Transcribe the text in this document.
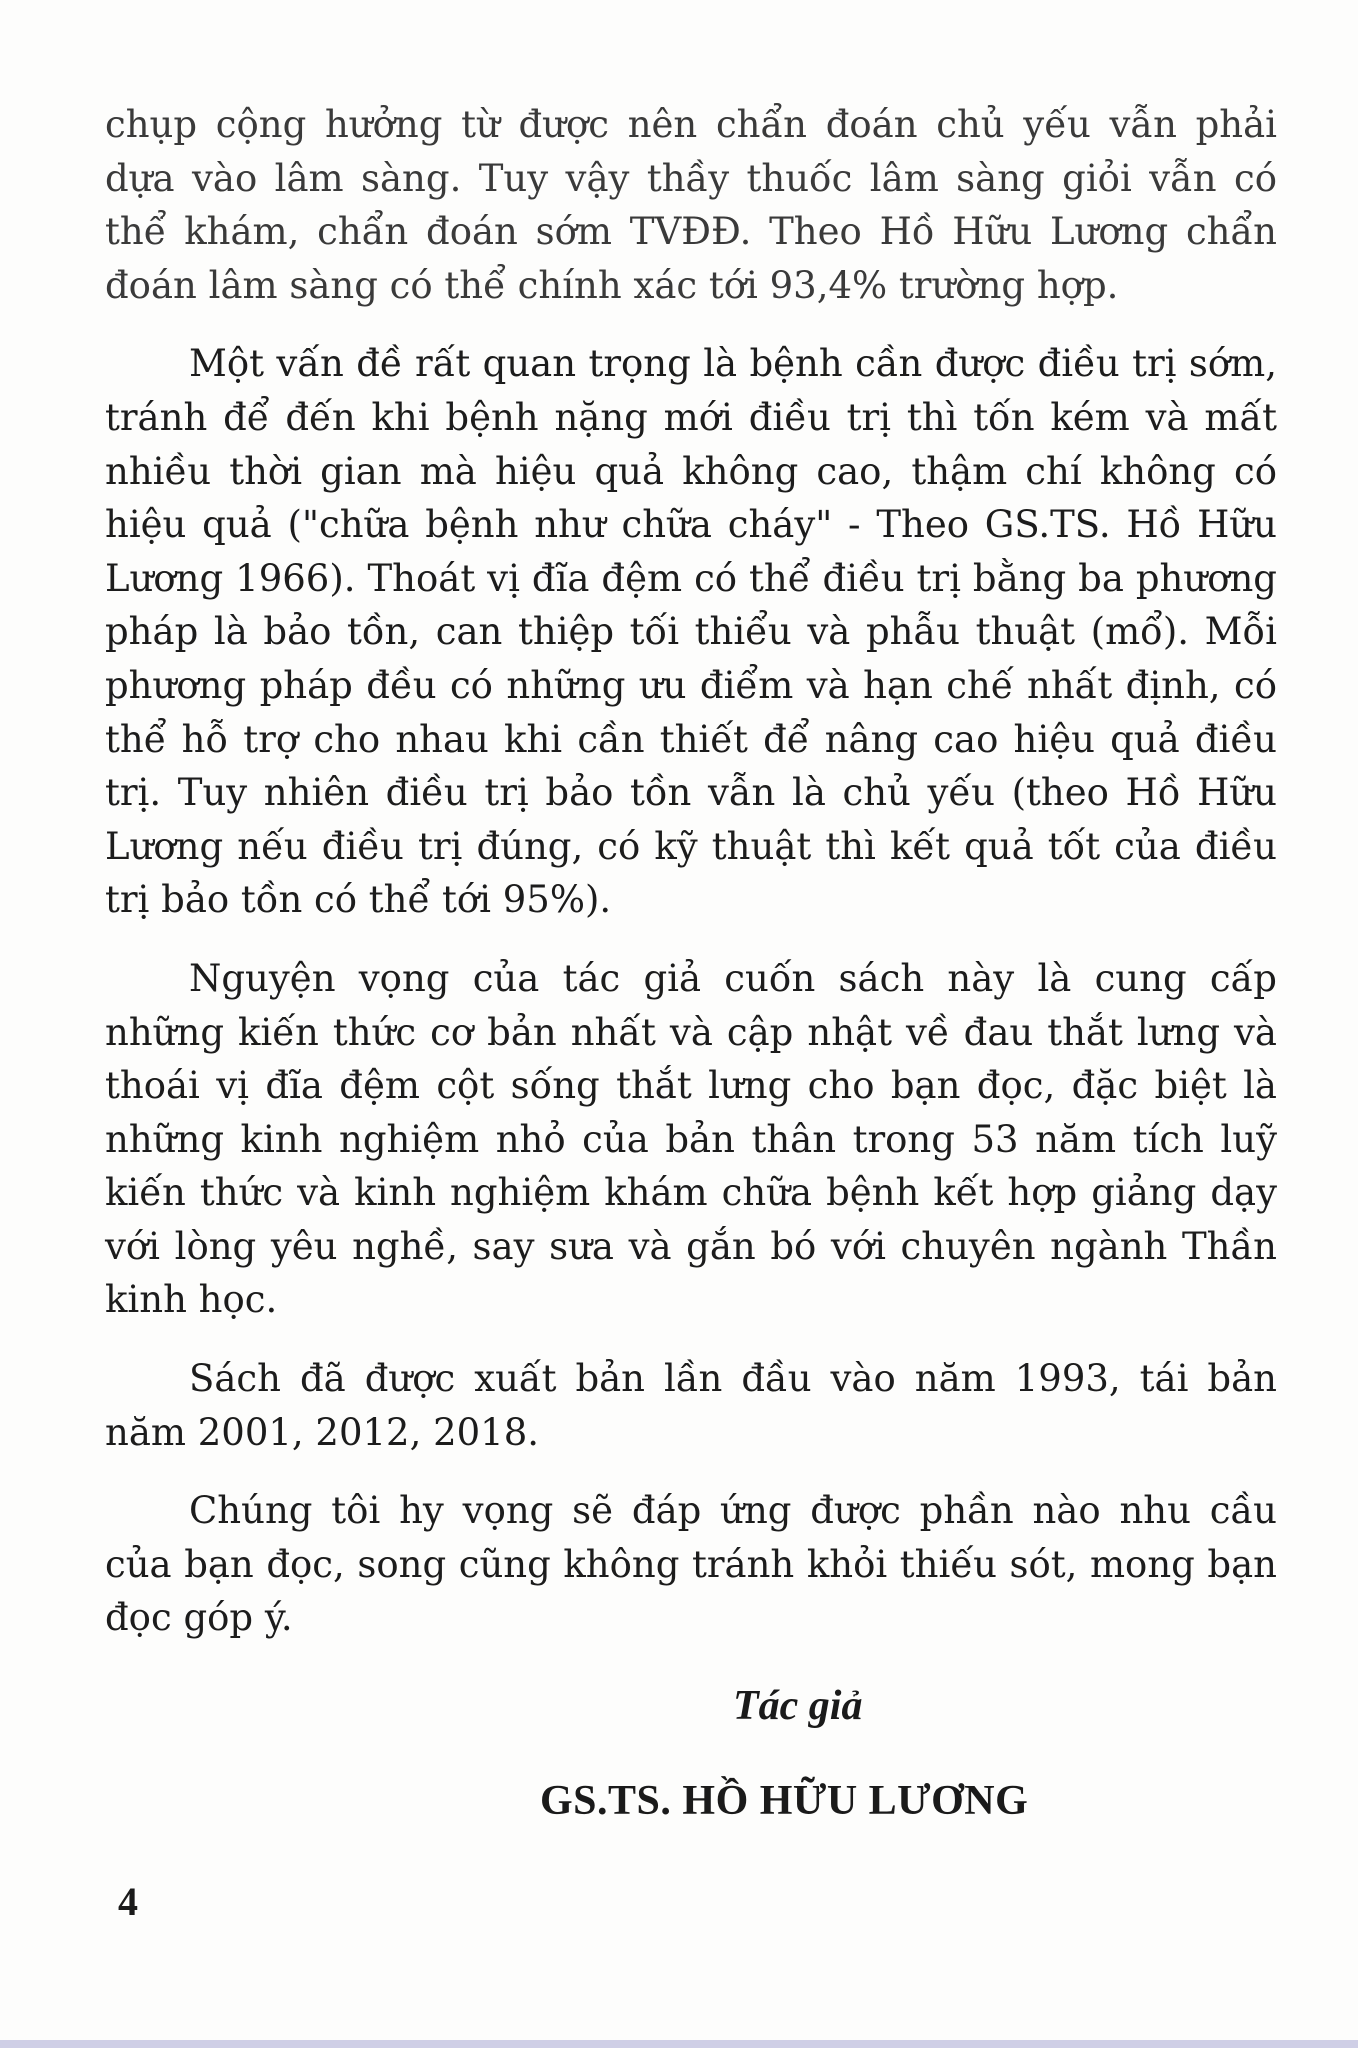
chụp cộng hưởng từ được nên chẩn đoán chủ yếu vẫn phải dựa vào lâm sàng. Tuy vậy thầy thuốc lâm sàng giỏi vẫn có thể khám, chẩn đoán sớm TVĐĐ. Theo Hồ Hữu Lương chẩn đoán lâm sàng có thể chính xác tới 93,4% trường hợp.

Một vấn đề rất quan trọng là bệnh cần được điều trị sớm, tránh để đến khi bệnh nặng mới điều trị thì tốn kém và mất nhiều thời gian mà hiệu quả không cao, thậm chí không có hiệu quả ("chữa bệnh như chữa cháy" - Theo GS.TS. Hồ Hữu Lương 1966). Thoát vị đĩa đệm có thể điều trị bằng ba phương pháp là bảo tồn, can thiệp tối thiểu và phẫu thuật (mổ). Mỗi phương pháp đều có những ưu điểm và hạn chế nhất định, có thể hỗ trợ cho nhau khi cần thiết để nâng cao hiệu quả điều trị. Tuy nhiên điều trị bảo tồn vẫn là chủ yếu (theo Hồ Hữu Lương nếu điều trị đúng, có kỹ thuật thì kết quả tốt của điều trị bảo tồn có thể tới 95%).

Nguyện vọng của tác giả cuốn sách này là cung cấp những kiến thức cơ bản nhất và cập nhật về đau thắt lưng và thoái vị đĩa đệm cột sống thắt lưng cho bạn đọc, đặc biệt là những kinh nghiệm nhỏ của bản thân trong 53 năm tích luỹ kiến thức và kinh nghiệm khám chữa bệnh kết hợp giảng dạy với lòng yêu nghề, say sưa và gắn bó với chuyên ngành Thần kinh học.

Sách đã được xuất bản lần đầu vào năm 1993, tái bản năm 2001, 2012, 2018.

Chúng tôi hy vọng sẽ đáp ứng được phần nào nhu cầu của bạn đọc, song cũng không tránh khỏi thiếu sót, mong bạn đọc góp ý.

Tác giả
GS.TS. HỒ HỮU LƯƠNG
4
